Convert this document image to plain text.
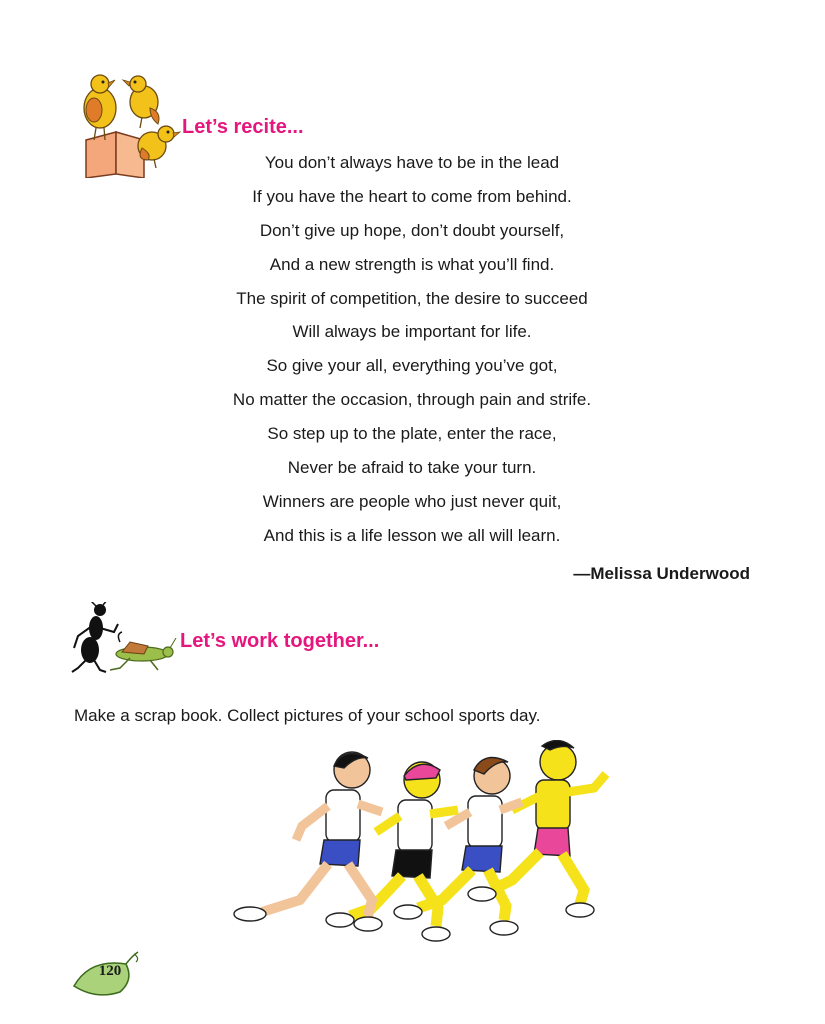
Let’s recite...

You don’t always have to be in the lead

If you have the heart to come from behind.

Don’t give up hope, don’t doubt yourself,

And a new strength is what you’ll find.

The spirit of competition, the desire to succeed

Will always be important for life.

So give your all, everything you’ve got,

No matter the occasion, through pain and strife.

So step up to the plate, enter the race,

Never be afraid to take your turn.

Winners are people who just never quit,

And this is a life lesson we all will learn.

—Melissa Underwood
Let’s work together...
Make a scrap book. Collect pictures of your school sports day.
120
